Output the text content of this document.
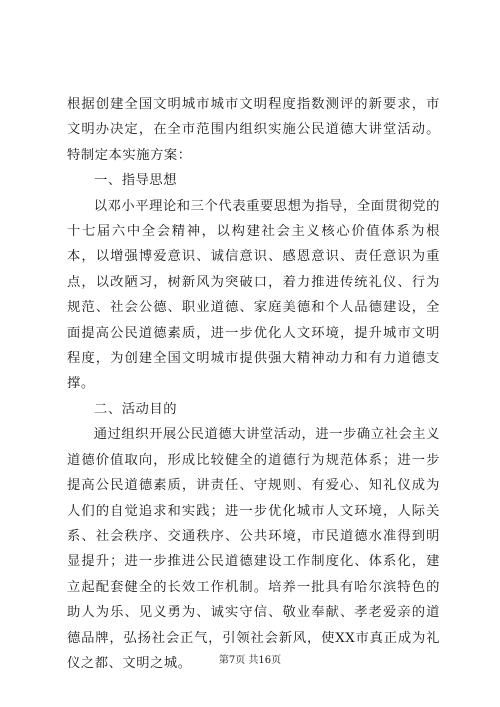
根据创建全国文明城市城市文明程度指数测评的新要求，市文明办决定，在全市范围内组织实施公民道德大讲堂活动。特制定本实施方案：

一、指导思想

以邓小平理论和三个代表重要思想为指导，全面贯彻党的十七届六中全会精神，以构建社会主义核心价值体系为根本，以增强博爱意识、诚信意识、感恩意识、责任意识为重点，以改陋习，树新风为突破口，着力推进传统礼仪、行为规范、社会公德、职业道德、家庭美德和个人品德建设，全面提高公民道德素质，进一步优化人文环境，提升城市文明程度，为创建全国文明城市提供强大精神动力和有力道德支撑。

二、活动目的

通过组织开展公民道德大讲堂活动，进一步确立社会主义道德价值取向，形成比较健全的道德行为规范体系；进一步提高公民道德素质，讲责任、守规则、有爱心、知礼仪成为人们的自觉追求和实践；进一步优化城市人文环境，人际关系、社会秩序、交通秩序、公共环境，市民道德水准得到明显提升；进一步推进公民道德建设工作制度化、体系化，建立起配套健全的长效工作机制。培养一批具有哈尔滨特色的助人为乐、见义勇为、诚实守信、敬业奉献、孝老爱亲的道德品牌，弘扬社会正气，引领社会新风，使XX市真正成为礼仪之都、文明之城。	第7页 共16页
